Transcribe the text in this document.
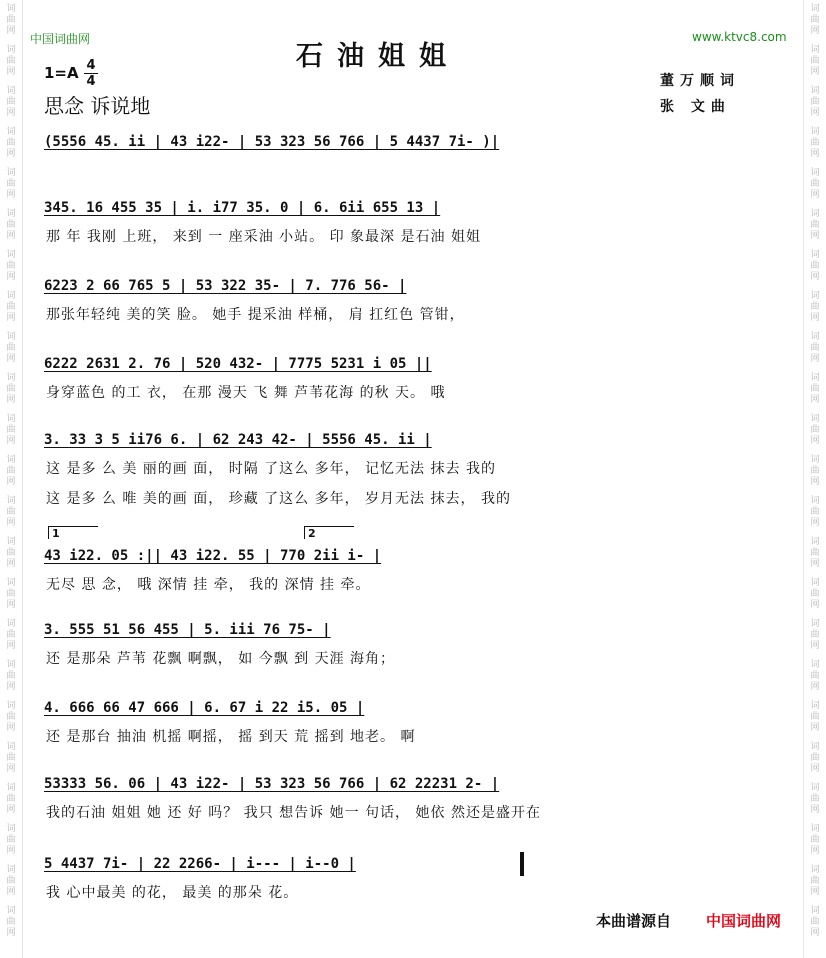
词
曲
网
词
曲
网
词
曲
网
词
曲
网
词
曲
网
词
曲
网
词
曲
网
词
曲
网
词
曲
网
词
曲
网
词
曲
网
词
曲
网
词
曲
网
词
曲
网
词
曲
网
词
曲
网
词
曲
网
词
曲
网
词
曲
网
词
曲
网
词
曲
网
词
曲
网
词
曲
网
词
曲
网
词
曲
网
词
曲
网
词
曲
网
词
曲
网
词
曲
网
词
曲
网
词
曲
网
词
曲
网
词
曲
网
词
曲
网
词
曲
网
词
曲
网
词
曲
网
词
曲
网
词
曲
网
词
曲
网
词
曲
网
词
曲
网
词
曲
网
词
曲
网
词
曲
网
词
曲
网
中国词曲网	www.ktvc8.com
石油姐姐
1=A 4
4
思念 诉说地
董万顺词
张 文曲
(5556 45. ii | 43 i22- | 53 323 56 766 | 5 4437 7i- )|
345. 16 455 35 | i. i77 35. 0 | 6. 6ii 655 13 |
那 年 我刚 上班， 来到 一 座采油 小站。 印 象最深 是石油 姐姐
6223 2 66 765 5 | 53 322 35- | 7. 776 56- |
那张年轻纯 美的笑 脸。 她手 提采油 样桶， 肩 扛红色 管钳，
6222 2631 2. 76 | 520 432- | 7775 5231 i 05 ||
身穿蓝色 的工 衣， 在那 漫天 飞 舞 芦苇花海 的秋 天。 哦
3. 33 3 5 ii76 6. | 62 243 42- | 5556 45. ii |
这 是多 么 美 丽的画 面， 时隔 了这么 多年， 记忆无法 抹去 我的
这 是多 么 唯 美的画 面， 珍藏 了这么 多年， 岁月无法 抹去， 我的
1	2
43 i22. 05 :|| 43 i22. 55 | 770 2ii i- |
无尽 思 念， 哦 深情 挂 牵， 我的 深情 挂 牵。
3. 555 51 56 455 | 5. iii 76 75- |
还 是那朵 芦苇 花飘 啊飘， 如 今飘 到 天涯 海角；
4. 666 66 47 666 | 6. 67 i 22 i5. 05 |
还 是那台 抽油 机摇 啊摇， 摇 到天 荒 摇到 地老。 啊
53333 56. 06 | 43 i22- | 53 323 56 766 | 62 22231 2- |
我的石油 姐姐 她 还 好 吗？ 我只 想告诉 她一 句话， 她依 然还是盛开在
5 4437 7i- | 22 2266- | i--- | i--0 |
我 心中最美 的花， 最美 的那朵 花。
本曲谱源自 中国词曲网
